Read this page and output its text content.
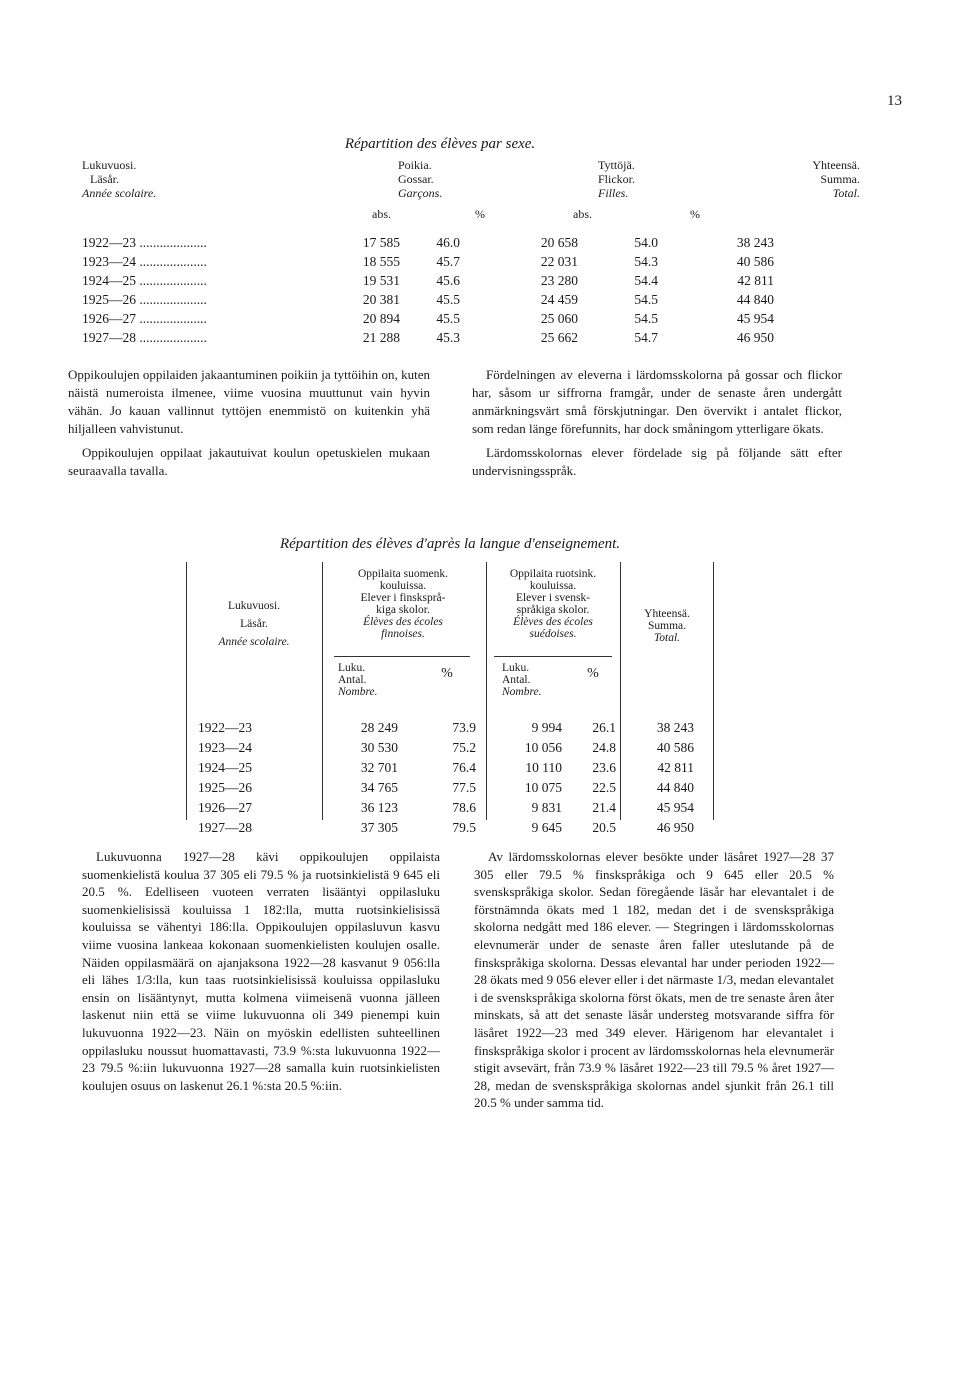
13
Répartition des élèves par sexe.
Lukuvuosi.
Läsår.
Année scolaire.
Poikia.
Gossar.
Garçons.
Tyttöjä.
Flickor.
Filles.
Yhteensä.
Summa.
Total.
abs.	%	abs.	%
1922—23 ....................	17 585	46.0	20 658	54.0	38 243
1923—24 ....................	18 555	45.7	22 031	54.3	40 586
1924—25 ....................	19 531	45.6	23 280	54.4	42 811
1925—26 ....................	20 381	45.5	24 459	54.5	44 840
1926—27 ....................	20 894	45.5	25 060	54.5	45 954
1927—28 ....................	21 288	45.3	25 662	54.7	46 950

Oppikoulujen oppilaiden jakaantuminen poikiin ja tyttöihin on, kuten näistä numeroista ilmenee, viime vuosina muuttunut vain hyvin vähän. Jo kauan vallinnut tyttöjen enemmistö on kuitenkin yhä hiljalleen vahvistunut.

Oppikoulujen oppilaat jakautuivat koulun opetuskielen mukaan seuraavalla tavalla.

Fördelningen av eleverna i lärdomsskolorna på gossar och flickor har, såsom ur siffrorna framgår, under de senaste åren undergått anmärkningsvärt små förskjutningar. Den övervikt i antalet flickor, som redan länge förefunnits, har dock småningom ytterligare ökats.

Lärdomsskolornas elever fördelade sig på följande sätt efter undervisningsspråk.

Répartition des élèves d'après la langue d'enseignement.
Lukuvuosi.
Läsår.
Année scolaire.
Oppilaita suomenk.
kouluissa.
Elever i finsksprå-
kiga skolor.
Élèves des écoles
finnoises.
Oppilaita ruotsink.
kouluissa.
Elever i svensk-
språkiga skolor.
Élèves des écoles
suédoises.
Luku.
Antal.
Nombre.
%	Luku.
Antal.
Nombre.
%
Yhteensä.
Summa.
Total.
1922—23	28 249	73.9	9 994	26.1	38 243
1923—24	30 530	75.2	10 056	24.8	40 586
1924—25	32 701	76.4	10 110	23.6	42 811
1925—26	34 765	77.5	10 075	22.5	44 840
1926—27	36 123	78.6	9 831	21.4	45 954
1927—28	37 305	79.5	9 645	20.5	46 950

Lukuvuonna 1927—28 kävi oppikoulujen oppilaista suomenkielistä koulua 37 305 eli 79.5 % ja ruotsinkielistä 9 645 eli 20.5 %. Edelliseen vuoteen verraten lisääntyi oppilasluku suomenkielisissä kouluissa 1 182:lla, mutta ruotsinkielisissä kouluissa se vähentyi 186:lla. Oppikoulujen oppilasluvun kasvu viime vuosina lankeaa kokonaan suomenkielisten koulujen osalle. Näiden oppilasmäärä on ajanjaksona 1922—28 kasvanut 9 056:lla eli lähes 1/3:lla, kun taas ruotsinkielisissä kouluissa oppilasluku ensin on lisääntynyt, mutta kolmena viimeisenä vuonna jälleen laskenut niin että se viime lukuvuonna oli 349 pienempi kuin lukuvuonna 1922—23. Näin on myöskin edellisten suhteellinen oppilasluku noussut huomattavasti, 73.9 %:sta lukuvuonna 1922—23 79.5 %:iin lukuvuonna 1927—28 samalla kuin ruotsinkielisten koulujen osuus on laskenut 26.1 %:sta 20.5 %:iin.

Av lärdomsskolornas elever besökte under läsåret 1927—28 37 305 eller 79.5 % finskspråkiga och 9 645 eller 20.5 % svenskspråkiga skolor. Sedan föregående läsår har elevantalet i de förstnämnda ökats med 1 182, medan det i de svenskspråkiga skolorna nedgått med 186 elever. — Stegringen i lärdomsskolornas elevnumerär under de senaste åren faller uteslutande på de finskspråkiga skolorna. Dessas elevantal har under perioden 1922—28 ökats med 9 056 elever eller i det närmaste 1/3, medan elevantalet i de svenskspråkiga skolorna först ökats, men de tre senaste åren åter minskats, så att det senaste läsår understeg motsvarande siffra för läsåret 1922—23 med 349 elever. Härigenom har elevantalet i finskspråkiga skolor i procent av lärdomsskolornas hela elevnumerär stigit avsevärt, från 73.9 % läsåret 1922—23 till 79.5 % året 1927—28, medan de svenskspråkiga skolornas andel sjunkit från 26.1 till 20.5 % under samma tid.
